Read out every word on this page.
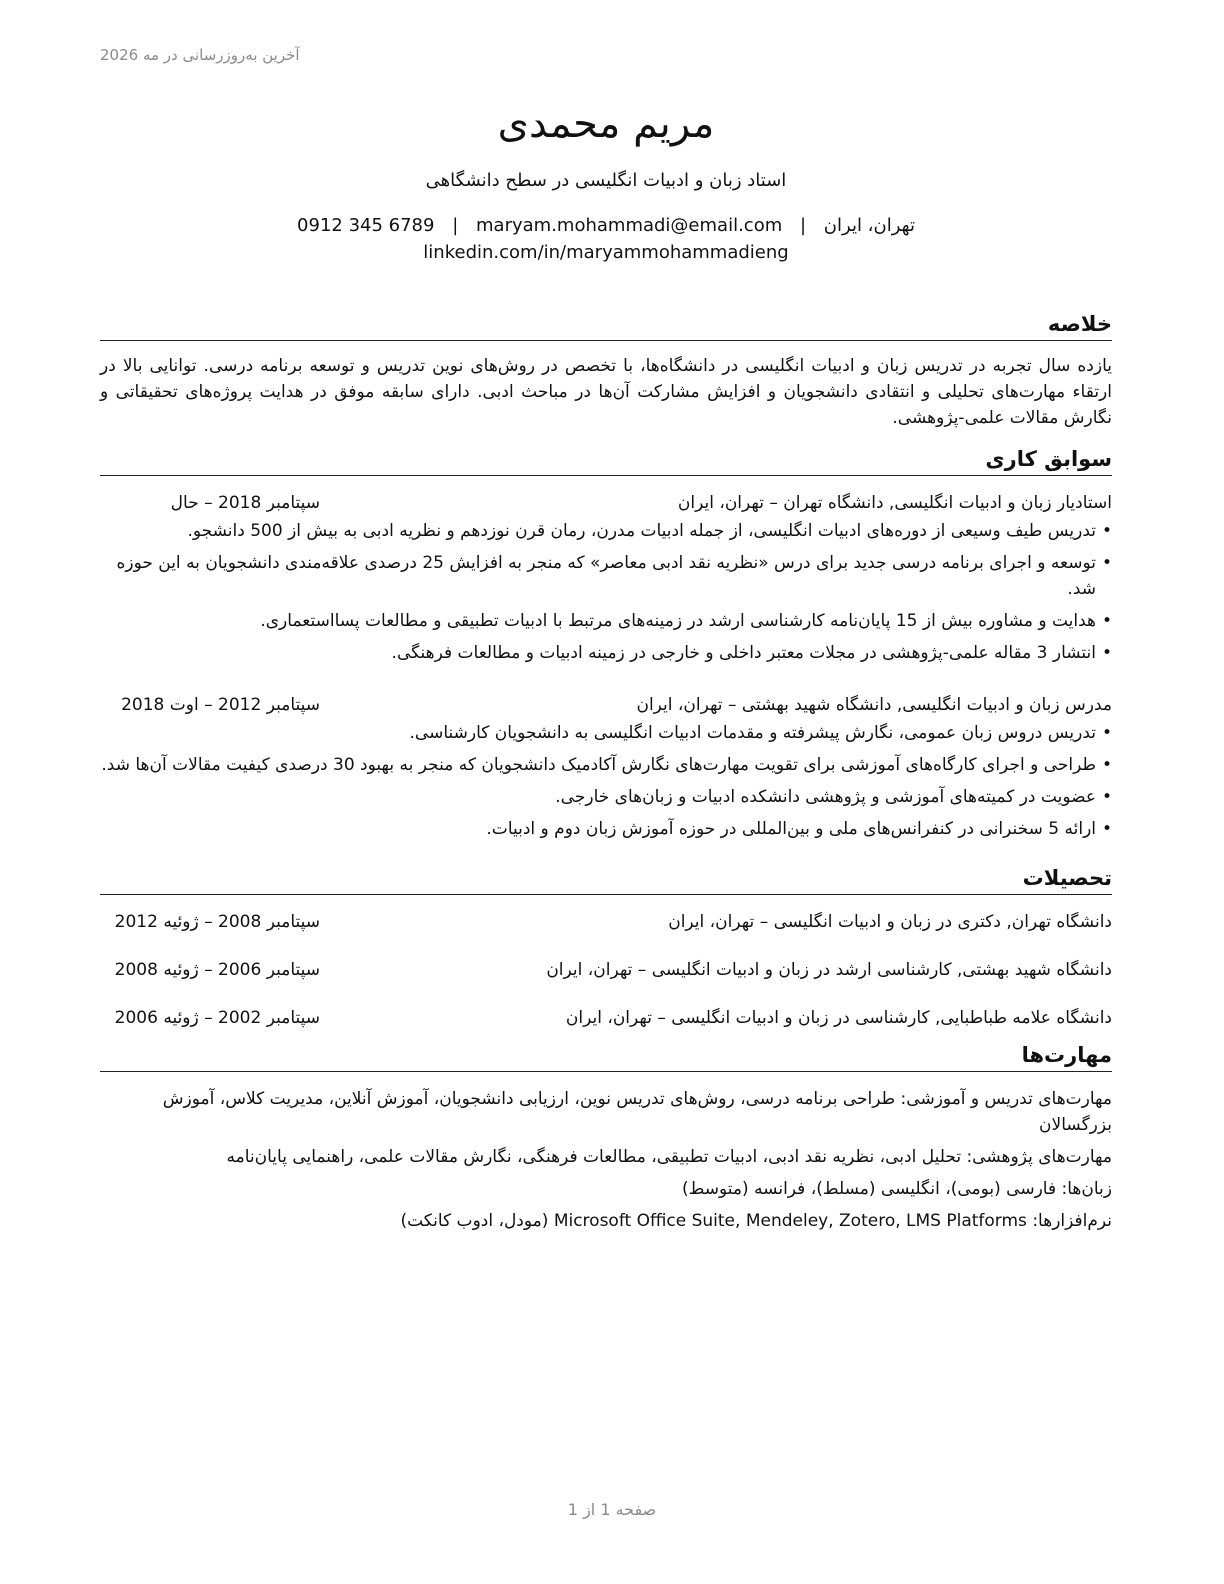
آخرین به‌روزرسانی در مه 2026
مریم محمدی
استاد زبان و ادبیات انگلیسی در سطح دانشگاهی
0912 345 6789 | maryam.mohammadi@email.com | تهران، ایران
linkedin.com/in/maryammohammadieng
خلاصه
یازده سال تجربه در تدریس زبان و ادبیات انگلیسی در دانشگاه‌ها، با تخصص در روش‌های نوین تدریس و توسعه برنامه درسی. توانایی بالا در ارتقاء مهارت‌های تحلیلی و انتقادی دانشجویان و افزایش مشارکت آن‌ها در مباحث ادبی. دارای سابقه موفق در هدایت پروژه‌های تحقیقاتی و نگارش مقالات علمی-پژوهشی.
سوابق کاری
استادیار زبان و ادبیات انگلیسی, دانشگاه تهران – تهران، ایران
سپتامبر 2018 – حال
•
تدریس طیف وسیعی از دوره‌های ادبیات انگلیسی، از جمله ادبیات مدرن، رمان قرن نوزدهم و نظریه ادبی به بیش از 500 دانشجو.
•
توسعه و اجرای برنامه درسی جدید برای درس «نظریه نقد ادبی معاصر» که منجر به افزایش 25 درصدی علاقه‌مندی دانشجویان به این حوزه شد.
•
هدایت و مشاوره بیش از 15 پایان‌نامه کارشناسی ارشد در زمینه‌های مرتبط با ادبیات تطبیقی و مطالعات پسااستعماری.
•
انتشار 3 مقاله علمی-پژوهشی در مجلات معتبر داخلی و خارجی در زمینه ادبیات و مطالعات فرهنگی.
مدرس زبان و ادبیات انگلیسی, دانشگاه شهید بهشتی – تهران، ایران
سپتامبر 2012 – اوت 2018
•
تدریس دروس زبان عمومی، نگارش پیشرفته و مقدمات ادبیات انگلیسی به دانشجویان کارشناسی.
•
طراحی و اجرای کارگاه‌های آموزشی برای تقویت مهارت‌های نگارش آکادمیک دانشجویان که منجر به بهبود 30 درصدی کیفیت مقالات آن‌ها شد.
•
عضویت در کمیته‌های آموزشی و پژوهشی دانشکده ادبیات و زبان‌های خارجی.
•
ارائه 5 سخنرانی در کنفرانس‌های ملی و بین‌المللی در حوزه آموزش زبان دوم و ادبیات.
تحصیلات
دانشگاه تهران, دکتری در زبان و ادبیات انگلیسی – تهران، ایران
سپتامبر 2008 – ژوئیه 2012
دانشگاه شهید بهشتی, کارشناسی ارشد در زبان و ادبیات انگلیسی – تهران، ایران
سپتامبر 2006 – ژوئیه 2008
دانشگاه علامه طباطبایی, کارشناسی در زبان و ادبیات انگلیسی – تهران، ایران
سپتامبر 2002 – ژوئیه 2006
مهارت‌ها
مهارت‌های تدریس و آموزشی: طراحی برنامه درسی، روش‌های تدریس نوین، ارزیابی دانشجویان، آموزش آنلاین، مدیریت کلاس، آموزش بزرگسالان
مهارت‌های پژوهشی: تحلیل ادبی، نظریه نقد ادبی، ادبیات تطبیقی، مطالعات فرهنگی، نگارش مقالات علمی، راهنمایی پایان‌نامه
زبان‌ها: فارسی (بومی)، انگلیسی (مسلط)، فرانسه (متوسط)
نرم‌افزارها: Microsoft Office Suite, Mendeley, Zotero, LMS Platforms (مودل، ادوب کانکت)
صفحه 1 از 1
